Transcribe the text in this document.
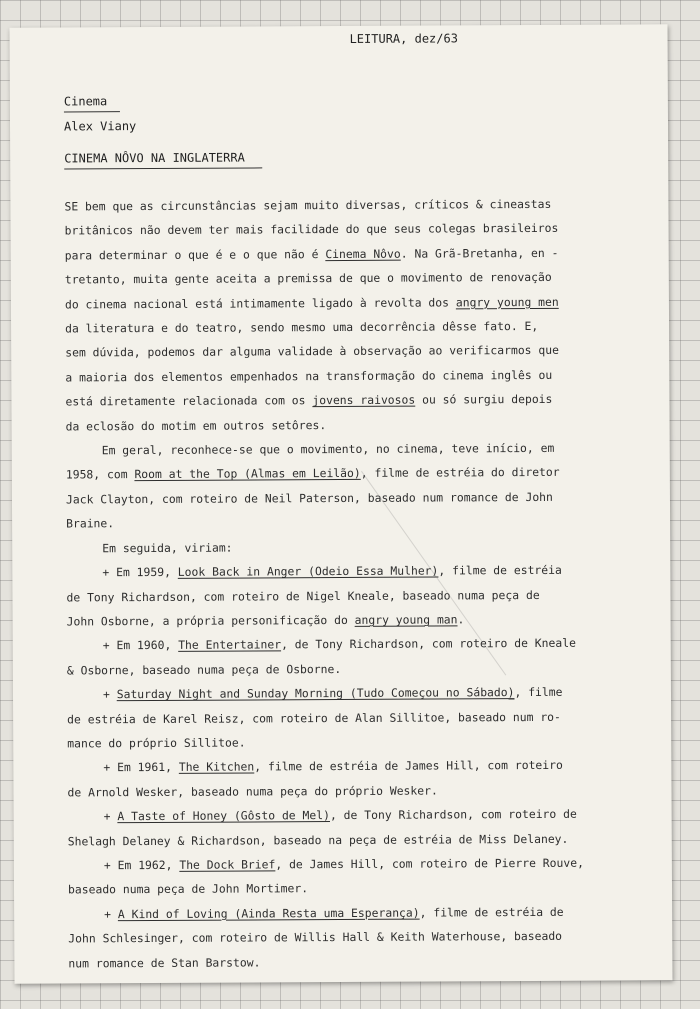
LEITURA, dez/63
Cinema
Alex Viany
CINEMA NÔVO NA INGLATERRA

SE bem que as circunstâncias sejam muito diversas, críticos & cineastas
britânicos não devem ter mais facilidade do que seus colegas brasileiros
para determinar o que é e o que não é Cinema Nôvo. Na Grã-Bretanha, en -
tretanto, muita gente aceita a premissa de que o movimento de renovação
do cinema nacional está intimamente ligado à revolta dos angry young men
da literatura e do teatro, sendo mesmo uma decorrência dêsse fato. E,
sem dúvida, podemos dar alguma validade à observação ao verificarmos que
a maioria dos elementos empenhados na transformação do cinema inglês ou
está diretamente relacionada com os jovens raivosos ou só surgiu depois
da eclosão do motim em outros setôres.

Em geral, reconhece-se que o movimento, no cinema, teve início, em
1958, com Room at the Top (Almas em Leilão), filme de estréia do diretor
Jack Clayton, com roteiro de Neil Paterson, baseado num romance de John
Braine.

Em seguida, viriam:

+ Em 1959, Look Back in Anger (Odeio Essa Mulher), filme de estréia
de Tony Richardson, com roteiro de Nigel Kneale, baseado numa peça de
John Osborne, a própria personificação do angry young man.

+ Em 1960, The Entertainer, de Tony Richardson, com roteiro de Kneale
& Osborne, baseado numa peça de Osborne.

+ Saturday Night and Sunday Morning (Tudo Começou no Sábado), filme
de estréia de Karel Reisz, com roteiro de Alan Sillitoe, baseado num ro-
mance do próprio Sillitoe.

+ Em 1961, The Kitchen, filme de estréia de James Hill, com roteiro
de Arnold Wesker, baseado numa peça do próprio Wesker.

+ A Taste of Honey (Gôsto de Mel), de Tony Richardson, com roteiro de
Shelagh Delaney & Richardson, baseado na peça de estréia de Miss Delaney.

+ Em 1962, The Dock Brief, de James Hill, com roteiro de Pierre Rouve,
baseado numa peça de John Mortimer.

+ A Kind of Loving (Ainda Resta uma Esperança), filme de estréia de
John Schlesinger, com roteiro de Willis Hall & Keith Waterhouse, baseado
num romance de Stan Barstow.
